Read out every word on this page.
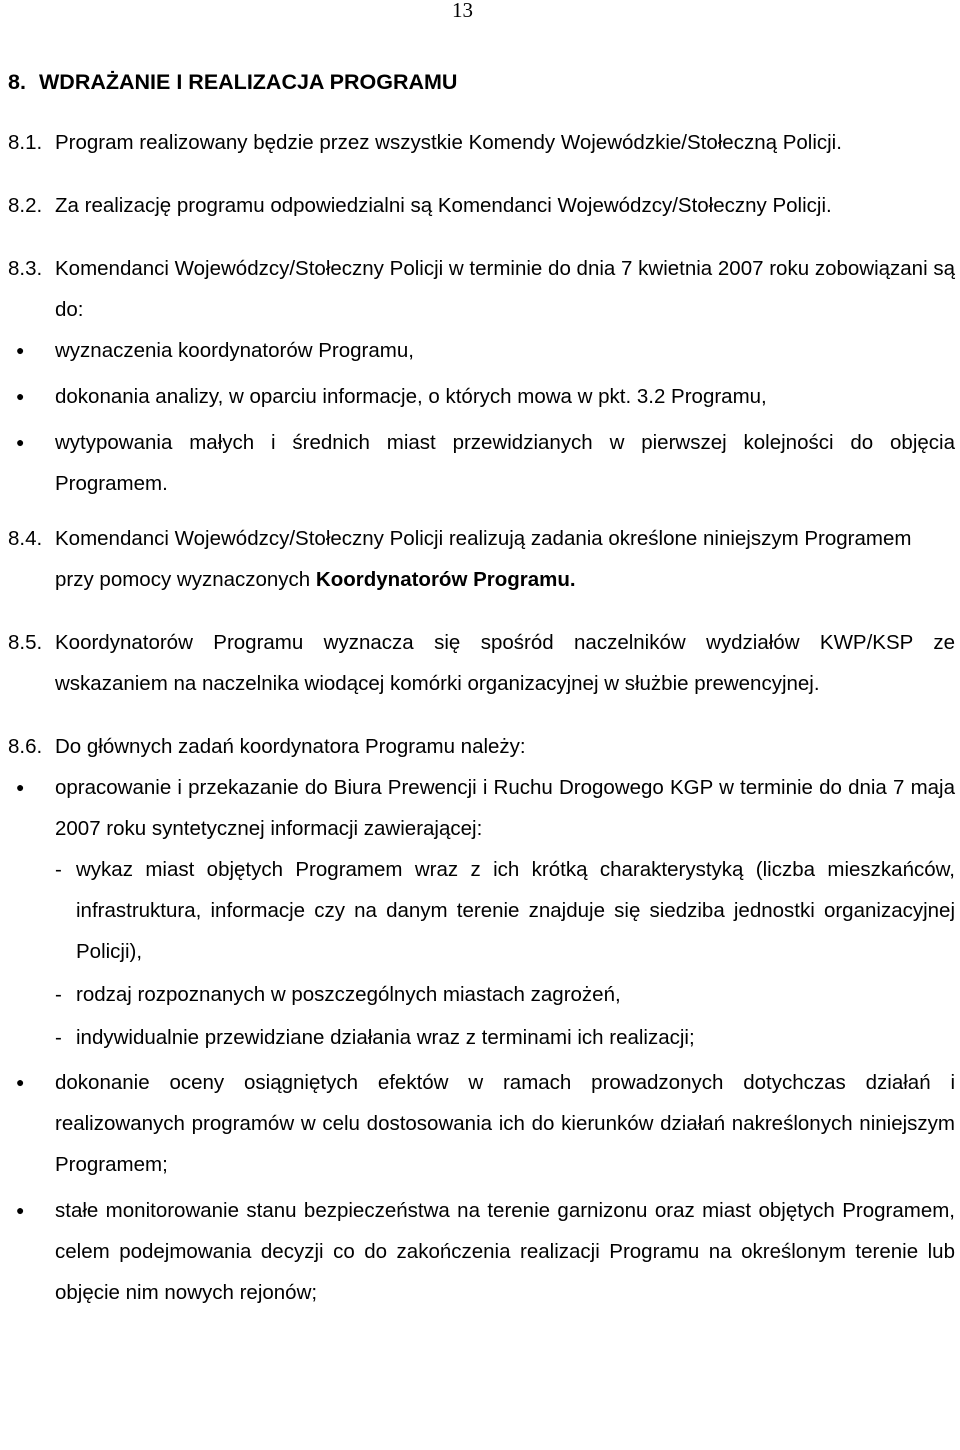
13
8. WDRAŻANIE I REALIZACJA PROGRAMU
8.1. Program realizowany będzie przez wszystkie Komendy Wojewódzkie/Stołeczną Policji.
8.2. Za realizację programu odpowiedzialni są Komendanci Wojewódzcy/Stołeczny Policji.
8.3. Komendanci Wojewódzcy/Stołeczny Policji w terminie do dnia 7 kwietnia 2007 roku zobowiązani są do:
● wyznaczenia koordynatorów Programu,
● dokonania analizy, w oparciu informacje, o których mowa w pkt. 3.2 Programu,
● wytypowania małych i średnich miast przewidzianych w pierwszej kolejności do objęcia Programem.
8.4. Komendanci Wojewódzcy/Stołeczny Policji realizują zadania określone niniejszym Programem przy pomocy wyznaczonych Koordynatorów Programu.
8.5. Koordynatorów Programu wyznacza się spośród naczelników wydziałów KWP/KSP ze wskazaniem na naczelnika wiodącej komórki organizacyjnej w służbie prewencyjnej.
8.6. Do głównych zadań koordynatora Programu należy:
● opracowanie i przekazanie do Biura Prewencji i Ruchu Drogowego KGP w terminie do dnia 7 maja 2007 roku syntetycznej informacji zawierającej:
- wykaz miast objętych Programem wraz z ich krótką charakterystyką (liczba mieszkańców, infrastruktura, informacje czy na danym terenie znajduje się siedziba jednostki organizacyjnej Policji),
- rodzaj rozpoznanych w poszczególnych miastach zagrożeń,
- indywidualnie przewidziane działania wraz z terminami ich realizacji;
● dokonanie oceny osiągniętych efektów w ramach prowadzonych dotychczas działań i realizowanych programów w celu dostosowania ich do kierunków działań nakreślonych niniejszym Programem;
● stałe monitorowanie stanu bezpieczeństwa na terenie garnizonu oraz miast objętych Programem, celem podejmowania decyzji co do zakończenia realizacji Programu na określonym terenie lub objęcie nim nowych rejonów;
